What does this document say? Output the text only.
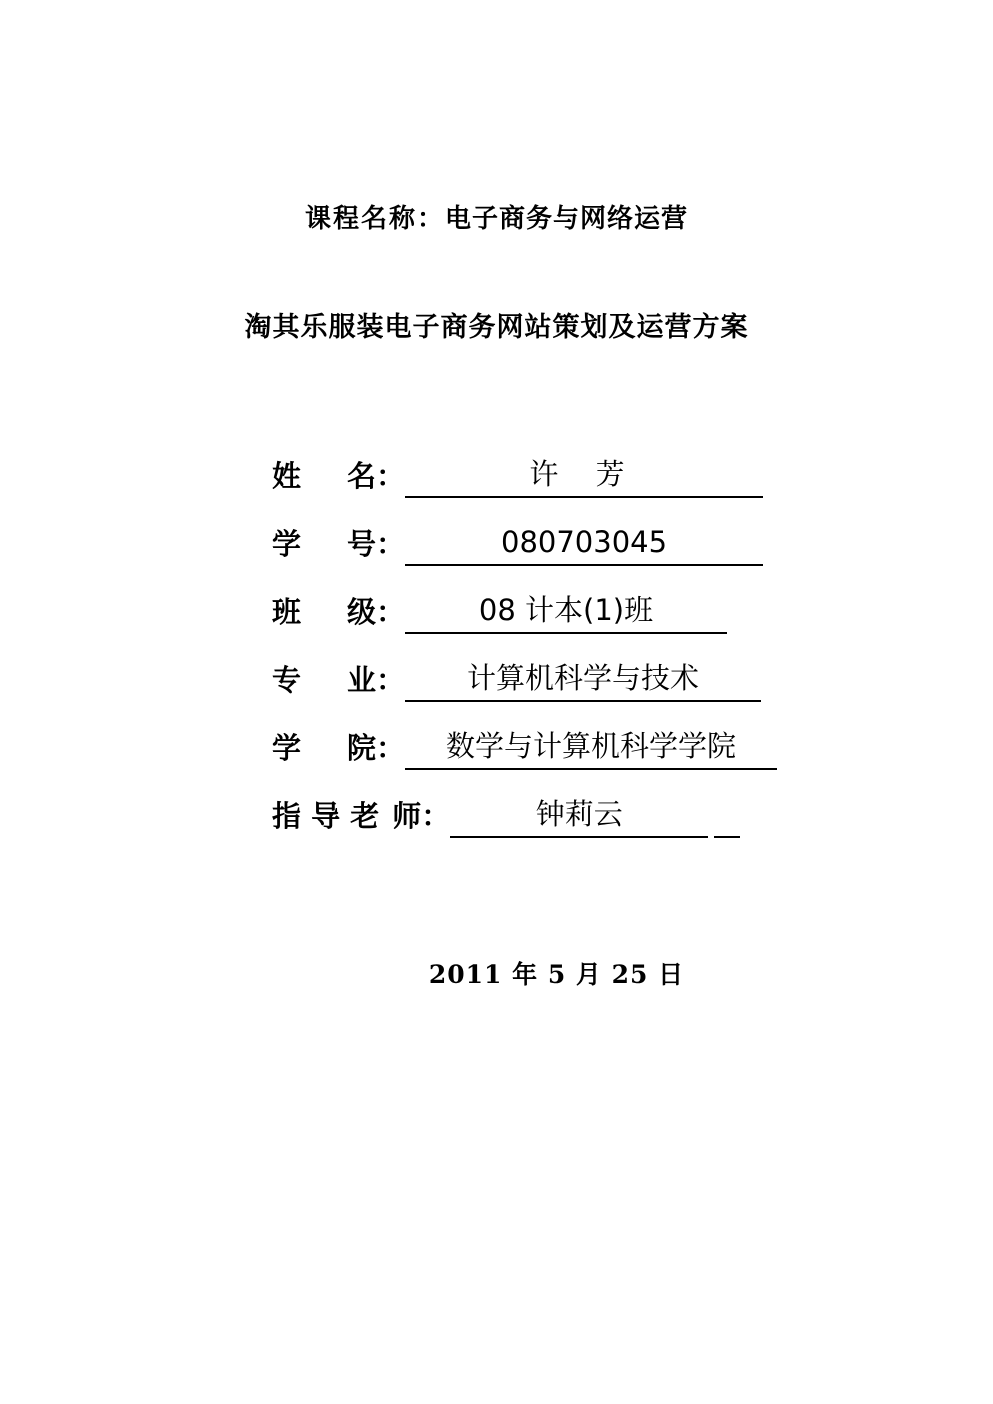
课程名称：电子商务与网络运营
淘其乐服装电子商务网站策划及运营方案
姓 名：	许 芳
学 号：	080703045
班 级：	08 计本(1)班
专 业：	计算机科学与技术
学 院：	数学与计算机科学学院
指 导 老 师：	钟莉云
2011 年 5 月 25 日
